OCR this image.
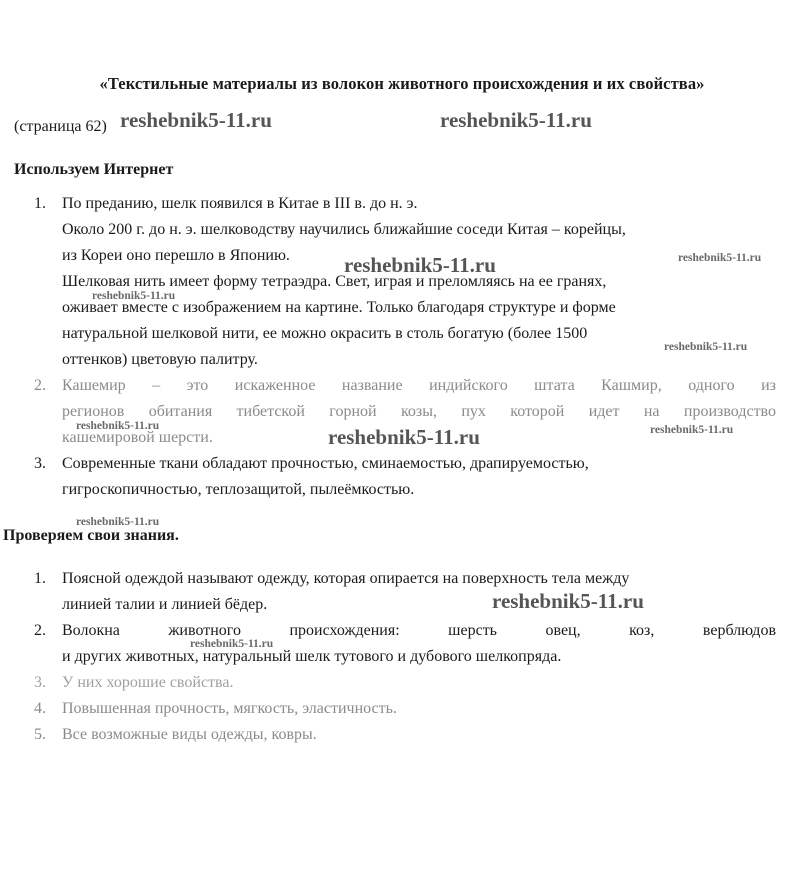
«Текстильные материалы из волокон животного происхождения и их свойства»
(страница 62)
Используем Интернет
1. По преданию, шелк появился в Китае в III в. до н. э.
Около 200 г. до н. э. шелководству научились ближайшие соседи Китая – корейцы,
из Кореи оно перешло в Японию.
Шелковая нить имеет форму тетраэдра. Свет, играя и преломляясь на ее гранях,
оживает вместе с изображением на картине. Только благодаря структуре и форме
натуральной шелковой нити, ее можно окрасить в столь богатую (более 1500
оттенков) цветовую палитру.
2. Кашемир – это искаженное название индийского штата Кашмир, одного из
регионов обитания тибетской горной козы, пух которой идет на производство
кашемировой шерсти.
3. Современные ткани обладают прочностью, сминаемостью, драпируемостью,
гигроскопичностью, теплозащитой, пылеёмкостью.
Проверяем свои знания.
1. Поясной одеждой называют одежду, которая опирается на поверхность тела между
линией талии и линией бёдер.
2. Волокна животного происхождения: шерсть овец, коз, верблюдов
и других животных, натуральный шелк тутового и дубового шелкопряда.
3. У них хорошие свойства.
4. Повышенная прочность, мягкость, эластичность.
5. Все возможные виды одежды, ковры.
reshebnik5-11.ru	reshebnik5-11.ru
reshebnik5-11.ru	reshebnik5-11.ru
reshebnik5-11.ru
reshebnik5-11.ru
reshebnik5-11.ru	reshebnik5-11.ru	reshebnik5-11.ru
reshebnik5-11.ru
reshebnik5-11.ru
reshebnik5-11.ru
